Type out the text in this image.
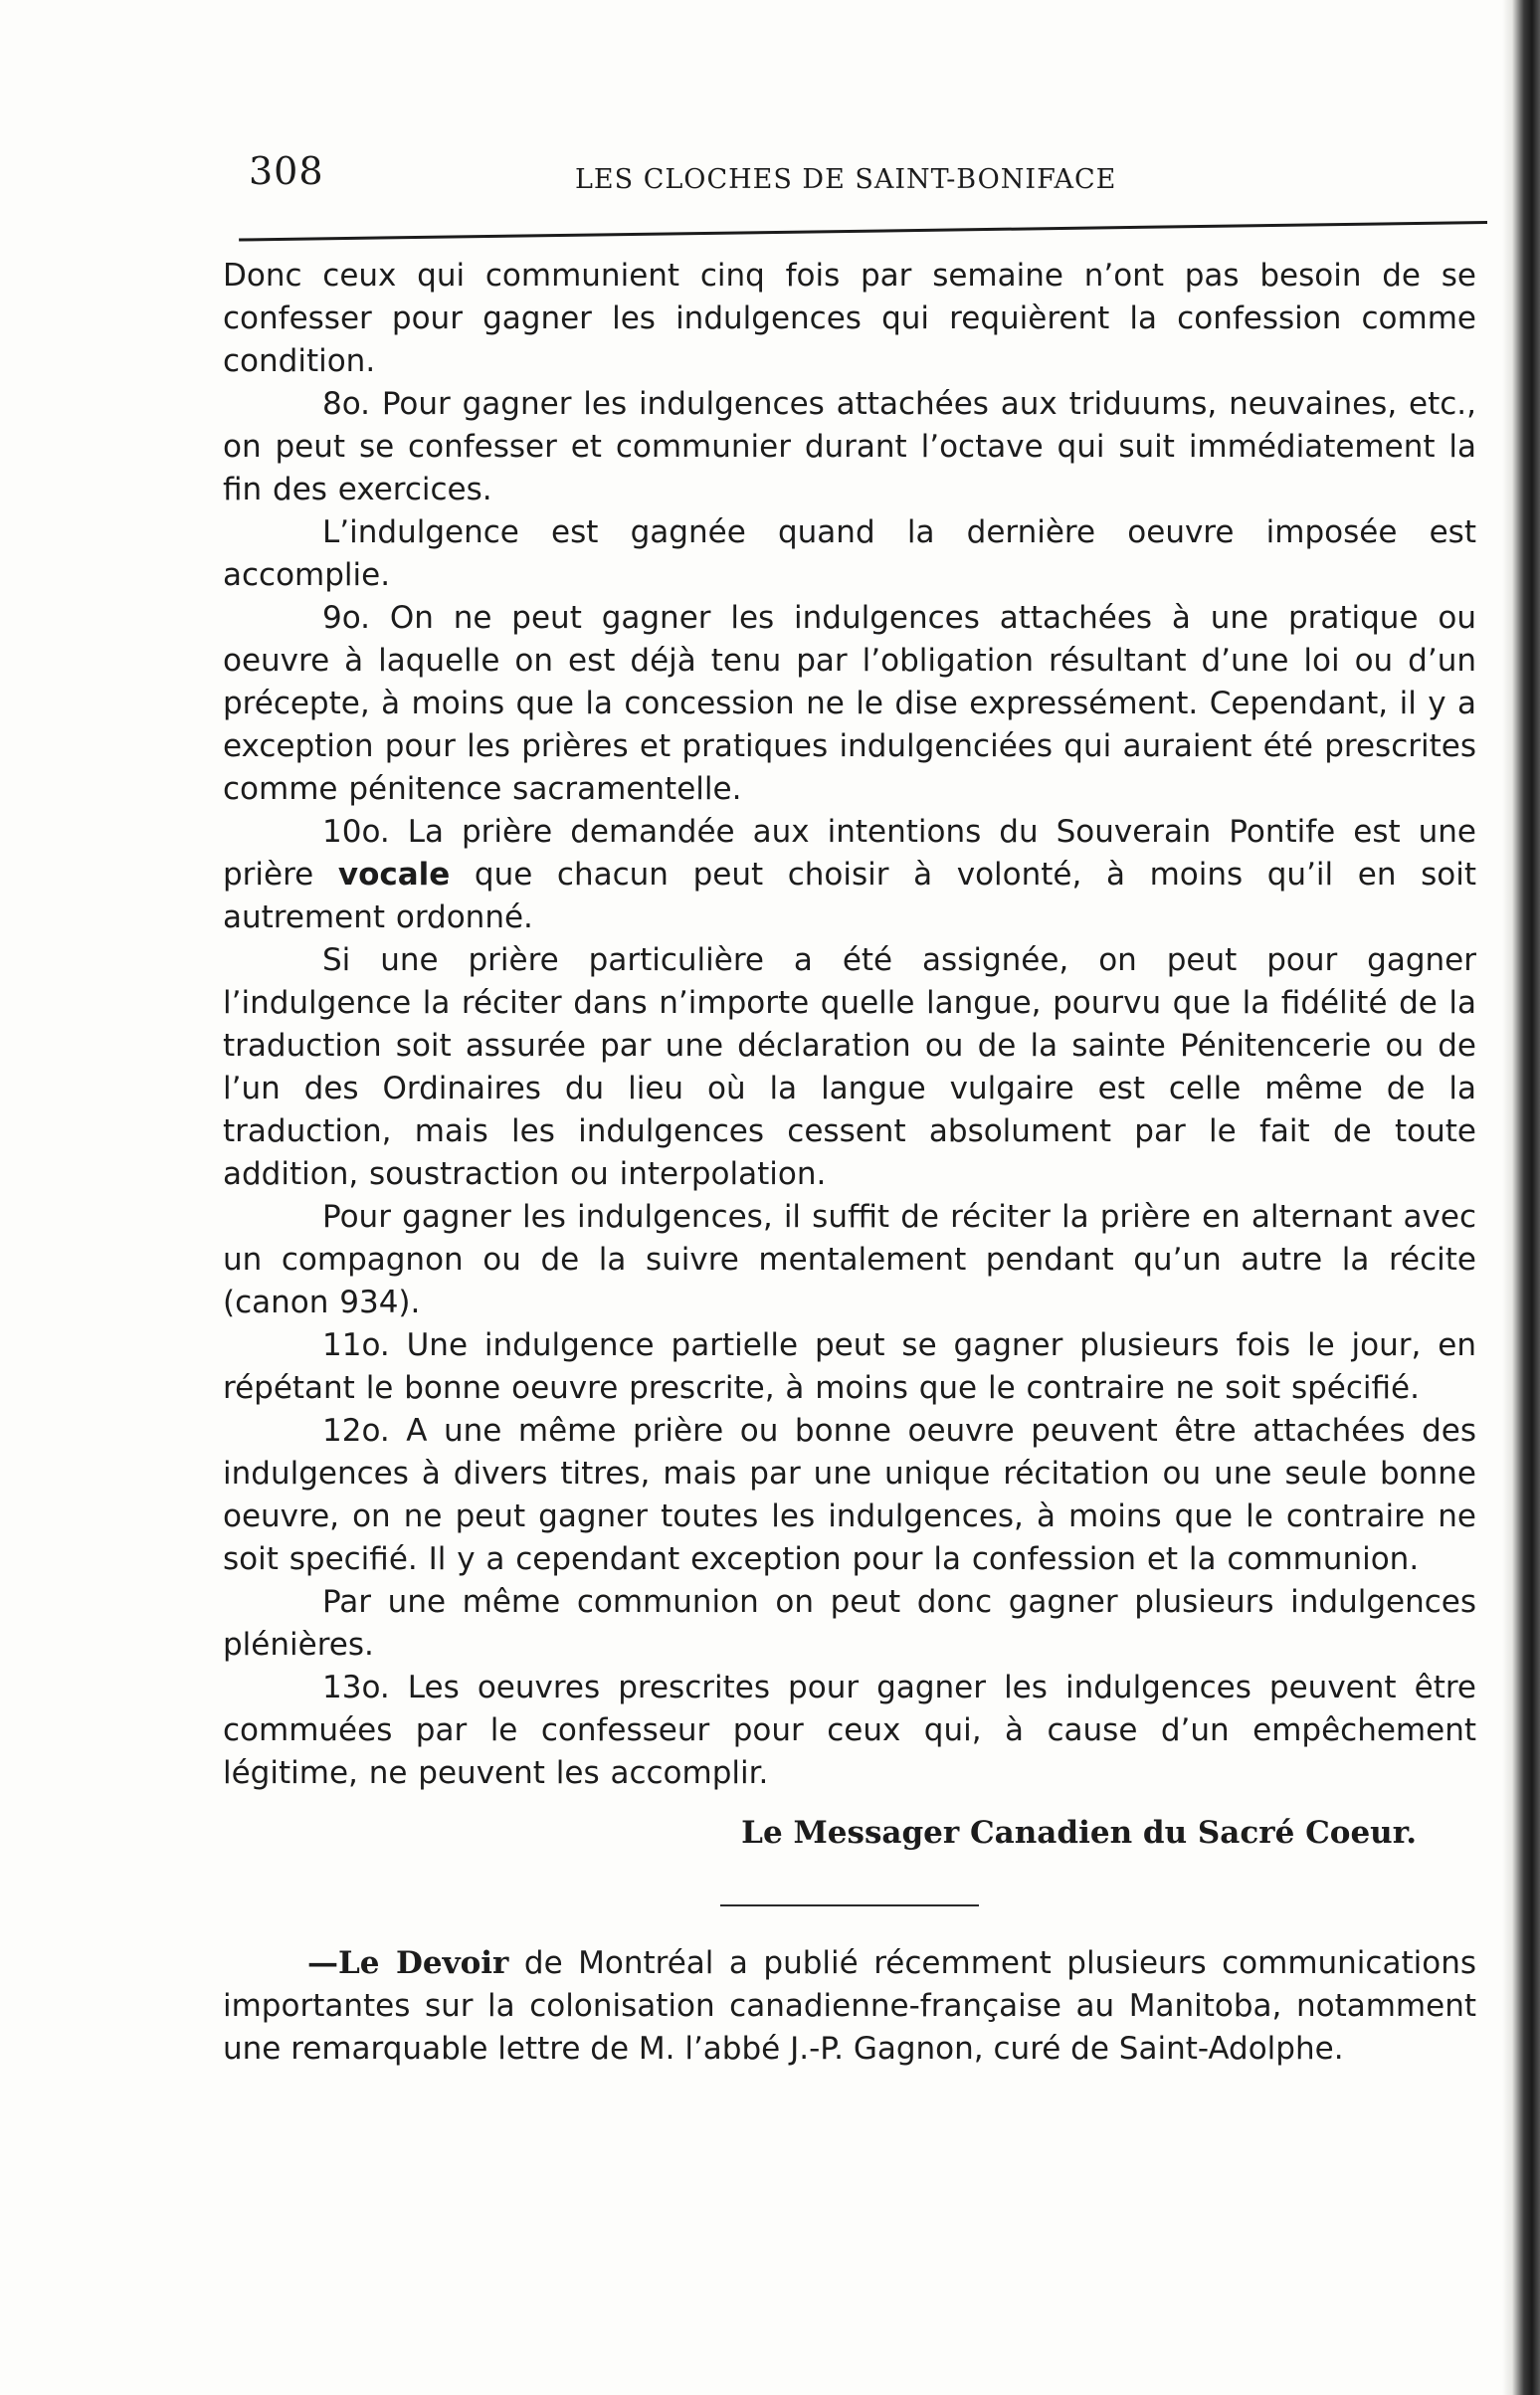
308	LES CLOCHES DE SAINT-BONIFACE

Donc ceux qui communient cinq fois par semaine n’ont pas besoin de se confesser pour gagner les indulgences qui requièrent la confession comme condition.

8o. Pour gagner les indulgences attachées aux triduums, neuvaines, etc., on peut se confesser et communier durant l’octave qui suit immédiatement la fin des exercices.

L’indulgence est gagnée quand la dernière oeuvre imposée est accomplie.

9o. On ne peut gagner les indulgences attachées à une pratique ou oeuvre à laquelle on est déjà tenu par l’obligation résultant d’une loi ou d’un précepte, à moins que la concession ne le dise expressément. Cependant, il y a exception pour les prières et pratiques indulgenciées qui auraient été prescrites comme pénitence sacramentelle.

10o. La prière demandée aux intentions du Souverain Pontife est une prière vocale que chacun peut choisir à volonté, à moins qu’il en soit autrement ordonné.

Si une prière particulière a été assignée, on peut pour gagner l’indulgence la réciter dans n’importe quelle langue, pourvu que la fidélité de la traduction soit assurée par une déclaration ou de la sainte Pénitencerie ou de l’un des Ordinaires du lieu où la langue vulgaire est celle même de la traduction, mais les indulgences cessent absolument par le fait de toute addition, soustraction ou interpolation.

Pour gagner les indulgences, il suffit de réciter la prière en alternant avec un compagnon ou de la suivre mentalement pendant qu’un autre la récite (canon 934).

11o. Une indulgence partielle peut se gagner plusieurs fois le jour, en répétant le bonne oeuvre prescrite, à moins que le contraire ne soit spécifié.

12o. A une même prière ou bonne oeuvre peuvent être attachées des indulgences à divers titres, mais par une unique récitation ou une seule bonne oeuvre, on ne peut gagner toutes les indulgences, à moins que le contraire ne soit specifié. Il y a cependant exception pour la confession et la communion.

Par une même communion on peut donc gagner plusieurs indulgences plénières.

13o. Les oeuvres prescrites pour gagner les indulgences peuvent être commuées par le confesseur pour ceux qui, à cause d’un empêchement légitime, ne peuvent les accomplir.

Le Messager Canadien du Sacré Coeur.

—Le Devoir de Montréal a publié récemment plusieurs communications importantes sur la colonisation canadienne-française au Manitoba, notamment une remarquable lettre de M. l’abbé J.-P. Gagnon, curé de Saint-Adolphe.
